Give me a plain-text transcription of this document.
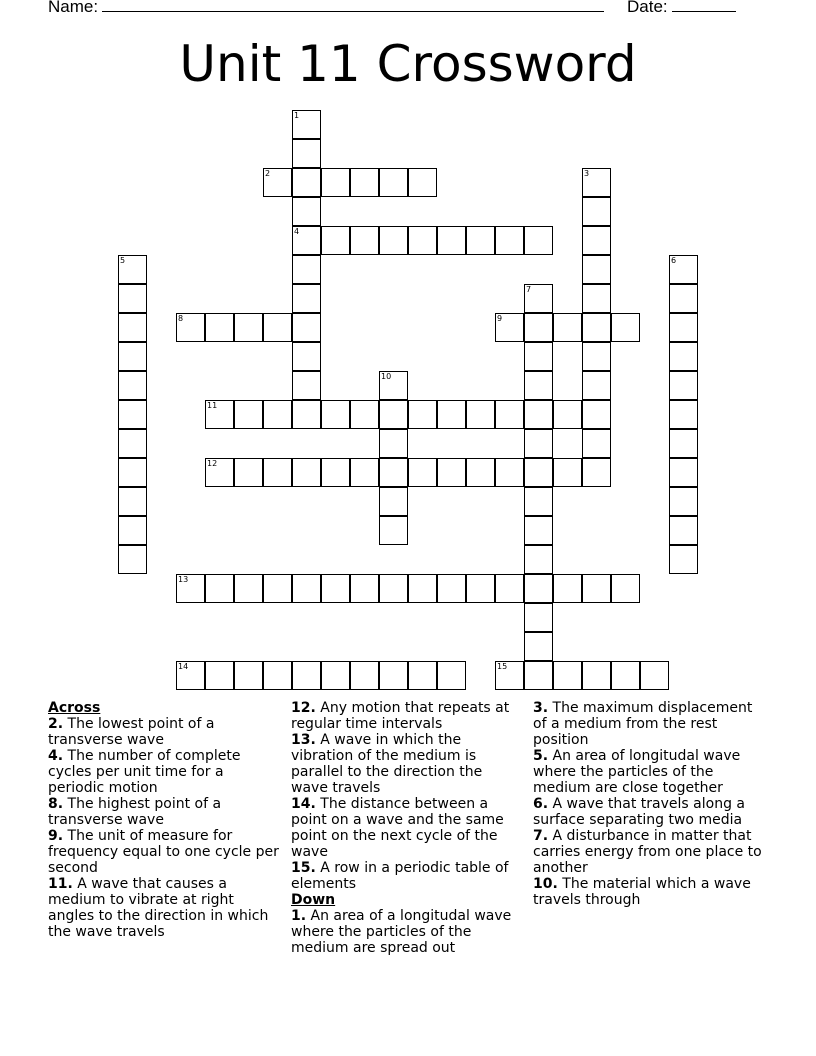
Name:	Date:
Unit 11 Crossword
1
4
2	3
5	6
7
8	9
10
11
12
13
14	15
Across
2. The lowest point of a transverse wave
4. The number of complete cycles per unit time for a periodic motion
8. The highest point of a transverse wave
9. The unit of measure for frequency equal to one cycle per second
11. A wave that causes a medium to vibrate at right angles to the direction in which the wave travels
12. Any motion that repeats at regular time intervals
13. A wave in which the vibration of the medium is parallel to the direction the wave travels
14. The distance between a point on a wave and the same point on the next cycle of the wave
15. A row in a periodic table of elements
Down
1. An area of a longitudal wave where the particles of the medium are spread out
3. The maximum displacement of a medium from the rest position
5. An area of longitudal wave where the particles of the medium are close together
6. A wave that travels along a surface separating two media
7. A disturbance in matter that carries energy from one place to another
10. The material which a wave travels through
